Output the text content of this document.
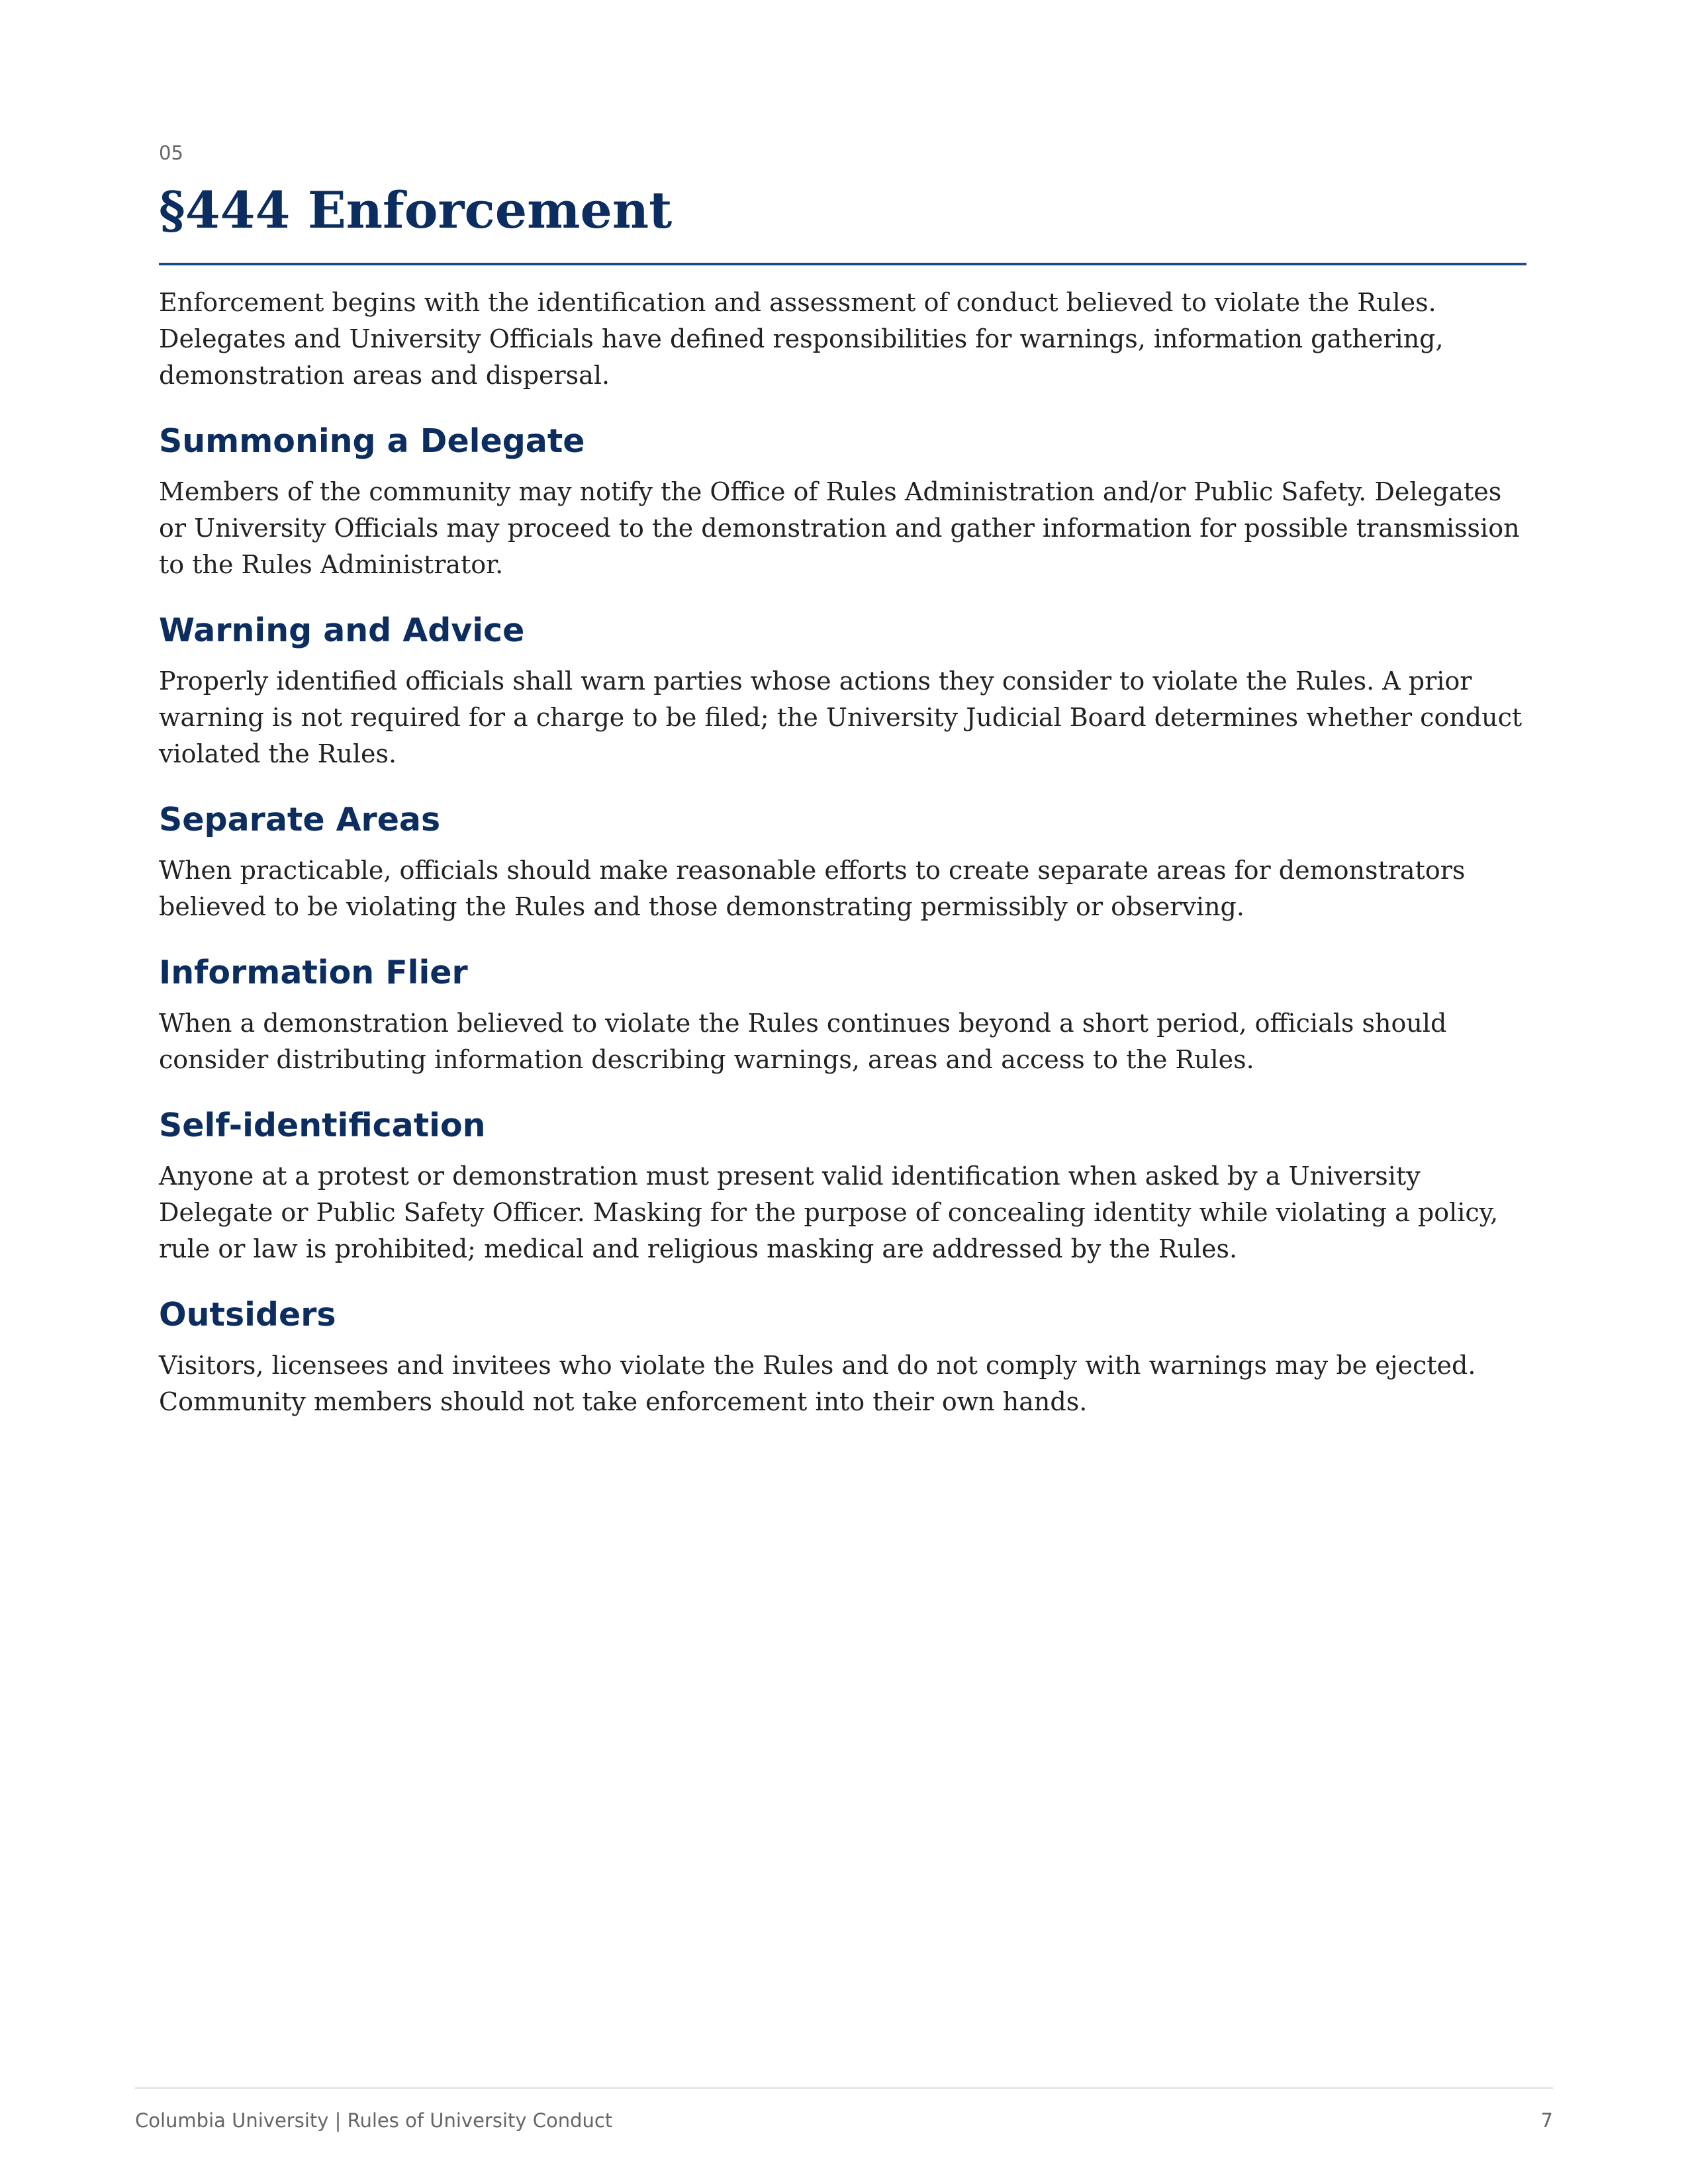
05
§444 Enforcement

Enforcement begins with the identification and assessment of conduct believed to violate the Rules. Delegates and University Officials have defined responsibilities for warnings, information gathering, demonstration areas and dispersal.

Summoning a Delegate

Members of the community may notify the Office of Rules Administration and/or Public Safety. Delegates or University Officials may proceed to the demonstration and gather information for possible transmission to the Rules Administrator.

Warning and Advice

Properly identified officials shall warn parties whose actions they consider to violate the Rules. A prior warning is not required for a charge to be filed; the University Judicial Board determines whether conduct violated the Rules.

Separate Areas

When practicable, officials should make reasonable efforts to create separate areas for demonstrators believed to be violating the Rules and those demonstrating permissibly or observing.

Information Flier

When a demonstration believed to violate the Rules continues beyond a short period, officials should consider distributing information describing warnings, areas and access to the Rules.

Self-identification

Anyone at a protest or demonstration must present valid identification when asked by a University Delegate or Public Safety Officer. Masking for the purpose of concealing identity while violating a policy, rule or law is prohibited; medical and religious masking are addressed by the Rules.

Outsiders

Visitors, licensees and invitees who violate the Rules and do not comply with warnings may be ejected. Community members should not take enforcement into their own hands.

Columbia University | Rules of University Conduct	7
